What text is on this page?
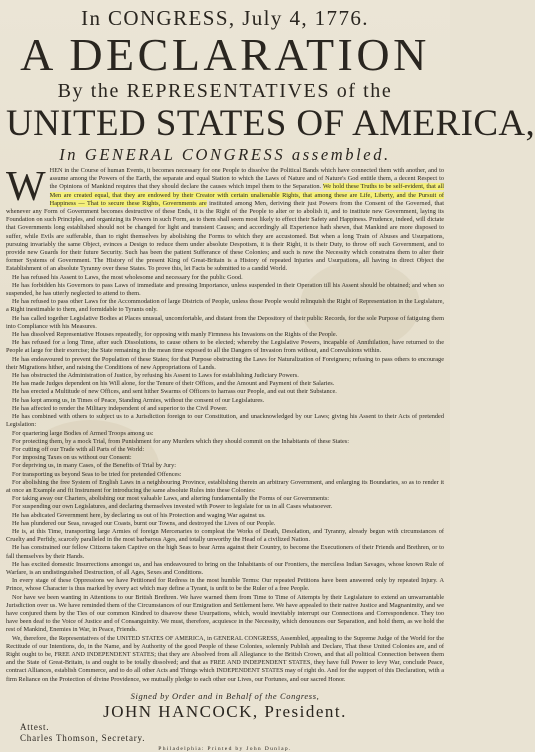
In CONGRESS, July 4, 1776.
A DECLARATION
By the REPRESENTATIVES of the
UNITED STATES OF AMERICA,
In GENERAL CONGRESS assembled.

WHEN in the Course of human Events, it becomes necessary for one People to dissolve the Political Bands which have connected them with another, and to assume among the Powers of the Earth, the separate and equal Station to which the Laws of Nature and of Nature's God entitle them, a decent Respect to the Opinions of Mankind requires that they should declare the causes which impel them to the Separation. We hold these Truths to be self-evident, that all Men are created equal, that they are endowed by their Creator with certain unalienable Rights, that among these are Life, Liberty, and the Pursuit of Happiness — That to secure these Rights, Governments are instituted among Men, deriving their just Powers from the Consent of the Governed, that whenever any Form of Government becomes destructive of these Ends, it is the Right of the People to alter or to abolish it, and to institute new Government, laying its Foundation on such Principles, and organizing its Powers in such Form, as to them shall seem most likely to effect their Safety and Happiness. Prudence, indeed, will dictate that Governments long established should not be changed for light and transient Causes; and accordingly all Experience hath shewn, that Mankind are more disposed to suffer, while Evils are sufferable, than to right themselves by abolishing the Forms to which they are accustomed. But when a long Train of Abuses and Usurpations, pursuing invariably the same Object, evinces a Design to reduce them under absolute Despotism, it is their Right, it is their Duty, to throw off such Government, and to provide new Guards for their future Security. Such has been the patient Sufferance of these Colonies; and such is now the Necessity which constrains them to alter their former Systems of Government. The History of the present King of Great-Britain is a History of repeated Injuries and Usurpations, all having in direct Object the Establishment of an absolute Tyranny over these States. To prove this, let Facts be submitted to a candid World.

He has refused his Assent to Laws, the most wholesome and necessary for the public Good.

He has forbidden his Governors to pass Laws of immediate and pressing Importance, unless suspended in their Operation till his Assent should be obtained; and when so suspended, he has utterly neglected to attend to them.

He has refused to pass other Laws for the Accommodation of large Districts of People, unless those People would relinquish the Right of Representation in the Legislature, a Right inestimable to them, and formidable to Tyrants only.

He has called together Legislative Bodies at Places unusual, uncomfortable, and distant from the Depository of their public Records, for the sole Purpose of fatiguing them into Compliance with his Measures.

He has dissolved Representative Houses repeatedly, for opposing with manly Firmness his Invasions on the Rights of the People.

He has refused for a long Time, after such Dissolutions, to cause others to be elected; whereby the Legislative Powers, incapable of Annihilation, have returned to the People at large for their exercise; the State remaining in the mean time exposed to all the Dangers of Invasion from without, and Convulsions within.

He has endeavoured to prevent the Population of these States; for that Purpose obstructing the Laws for Naturalization of Foreigners; refusing to pass others to encourage their Migrations hither, and raising the Conditions of new Appropriations of Lands.

He has obstructed the Administration of Justice, by refusing his Assent to Laws for establishing Judiciary Powers.

He has made Judges dependent on his Will alone, for the Tenure of their Offices, and the Amount and Payment of their Salaries.

He has erected a Multitude of new Offices, and sent hither Swarms of Officers to harrass our People, and eat out their Substance.

He has kept among us, in Times of Peace, Standing Armies, without the consent of our Legislatures.

He has affected to render the Military independent of and superior to the Civil Power.

He has combined with others to subject us to a Jurisdiction foreign to our Constitution, and unacknowledged by our Laws; giving his Assent to their Acts of pretended Legislation:

For quartering large Bodies of Armed Troops among us:

For protecting them, by a mock Trial, from Punishment for any Murders which they should commit on the Inhabitants of these States:

For cutting off our Trade with all Parts of the World:

For imposing Taxes on us without our Consent:

For depriving us, in many Cases, of the Benefits of Trial by Jury:

For transporting us beyond Seas to be tried for pretended Offences:

For abolishing the free System of English Laws in a neighbouring Province, establishing therein an arbitrary Government, and enlarging its Boundaries, so as to render it at once an Example and fit Instrument for introducing the same absolute Rules into these Colonies:

For taking away our Charters, abolishing our most valuable Laws, and altering fundamentally the Forms of our Governments:

For suspending our own Legislatures, and declaring themselves invested with Power to legislate for us in all Cases whatsoever.

He has abdicated Government here, by declaring us out of his Protection and waging War against us.

He has plundered our Seas, ravaged our Coasts, burnt our Towns, and destroyed the Lives of our People.

He is, at this Time, transporting large Armies of foreign Mercenaries to compleat the Works of Death, Desolation, and Tyranny, already begun with circumstances of Cruelty and Perfidy, scarcely paralleled in the most barbarous Ages, and totally unworthy the Head of a civilized Nation.

He has constrained our fellow Citizens taken Captive on the high Seas to bear Arms against their Country, to become the Executioners of their Friends and Brethren, or to fall themselves by their Hands.

He has excited domestic Insurrections amongst us, and has endeavoured to bring on the Inhabitants of our Frontiers, the merciless Indian Savages, whose known Rule of Warfare, is an undistinguished Destruction, of all Ages, Sexes and Conditions.

In every stage of these Oppressions we have Petitioned for Redress in the most humble Terms: Our repeated Petitions have been answered only by repeated Injury. A Prince, whose Character is thus marked by every act which may define a Tyrant, is unfit to be the Ruler of a free People.

Nor have we been wanting in Attentions to our British Brethren. We have warned them from Time to Time of Attempts by their Legislature to extend an unwarrantable Jurisdiction over us. We have reminded them of the Circumstances of our Emigration and Settlement here. We have appealed to their native Justice and Magnanimity, and we have conjured them by the Ties of our common Kindred to disavow these Usurpations, which, would inevitably interrupt our Connections and Correspondence. They too have been deaf to the Voice of Justice and of Consanguinity. We must, therefore, acquiesce in the Necessity, which denounces our Separation, and hold them, as we hold the rest of Mankind, Enemies in War, in Peace, Friends.

We, therefore, the Representatives of the UNITED STATES OF AMERICA, in GENERAL CONGRESS, Assembled, appealing to the Supreme Judge of the World for the Rectitude of our Intentions, do, in the Name, and by Authority of the good People of these Colonies, solemnly Publish and Declare, That these United Colonies are, and of Right ought to be, FREE AND INDEPENDENT STATES; that they are Absolved from all Allegiance to the British Crown, and that all political Connection between them and the State of Great-Britain, is and ought to be totally dissolved; and that as FREE AND INDEPENDENT STATES, they have full Power to levy War, conclude Peace, contract Alliances, establish Commerce, and to do all other Acts and Things which INDEPENDENT STATES may of right do. And for the support of this Declaration, with a firm Reliance on the Protection of divine Providence, we mutually pledge to each other our Lives, our Fortunes, and our sacred Honor.

Signed by Order and in Behalf of the Congress,
JOHN HANCOCK, President.
Attest.
Charles Thomson, Secretary.
Philadelphia: Printed by John Dunlap.
